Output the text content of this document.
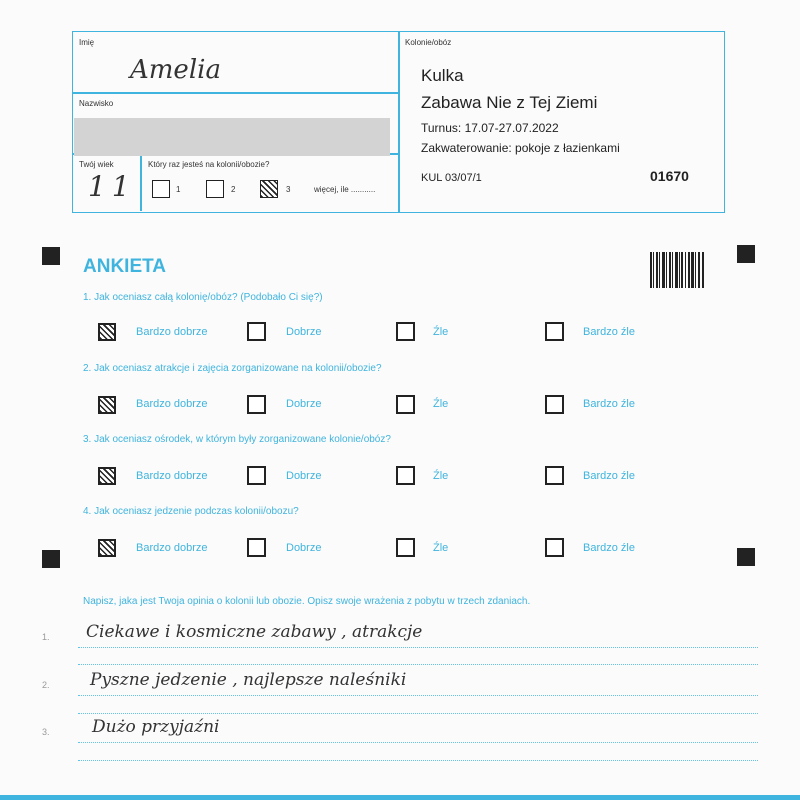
Imię
Amelia
Nazwisko
Twój wiek
11
Który raz jesteś na kolonii/obozie?
1	2	3	więcej, ile ...........
Kolonie/obóz
Kulka
Zabawa Nie z Tej Ziemi
Turnus: 17.07-27.07.2022
Zakwaterowanie: pokoje z łazienkami
KUL 03/07/1	01670
ANKIETA
1. Jak oceniasz całą kolonię/obóz? (Podobało Ci się?)
Bardzo dobrze	Dobrze	Źle	Bardzo źle
2. Jak oceniasz atrakcje i zajęcia zorganizowane na kolonii/obozie?
Bardzo dobrze	Dobrze	Źle	Bardzo źle
3. Jak oceniasz ośrodek, w którym były zorganizowane kolonie/obóz?
Bardzo dobrze	Dobrze	Źle	Bardzo źle
4. Jak oceniasz jedzenie podczas kolonii/obozu?
Bardzo dobrze	Dobrze	Źle	Bardzo źle
Napisz, jaka jest Twoja opinia o kolonii lub obozie. Opisz swoje wrażenia z pobytu w trzech zdaniach.
1. Ciekawe i kosmiczne zabawy , atrakcje
2. Pyszne jedzenie , najlepsze naleśniki
3. Dużo przyjaźni
